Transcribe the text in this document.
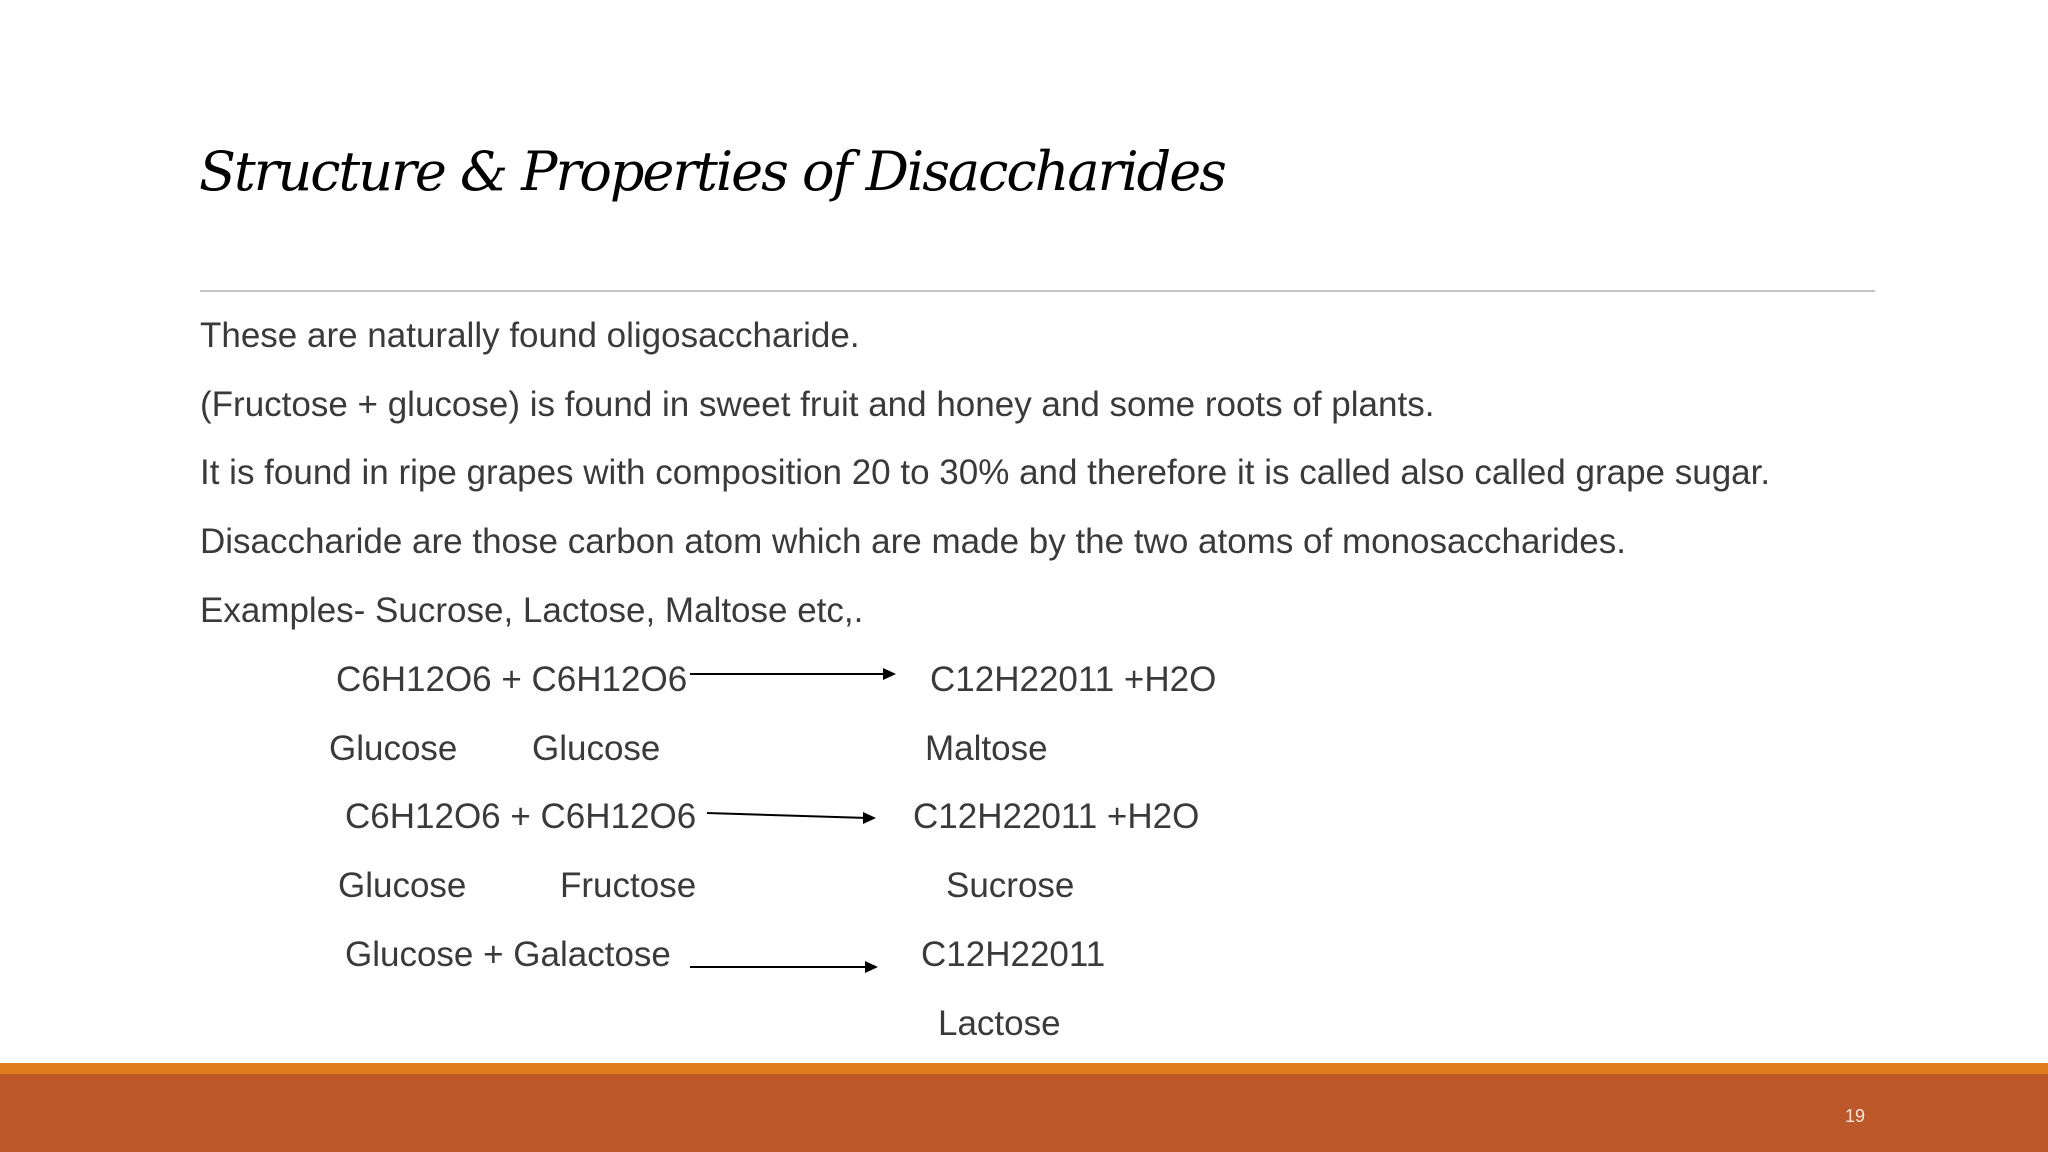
Structure & Properties of Disaccharides
These are naturally found oligosaccharide.
(Fructose + glucose) is found in sweet fruit and honey and some roots of plants.
It is found in ripe grapes with composition 20 to 30% and therefore it is called also called grape sugar.
Disaccharide are those carbon atom which are made by the two atoms of monosaccharides.
Examples- Sucrose, Lactose, Maltose etc,.
C6H12O6 + C6H12O6	C12H22011 +H2O
Glucose Glucose	Maltose
C6H12O6 + C6H12O6	C12H22011 +H2O
Glucose	Fructose	Sucrose
Glucose + Galactose	C12H22011
Lactose
19
